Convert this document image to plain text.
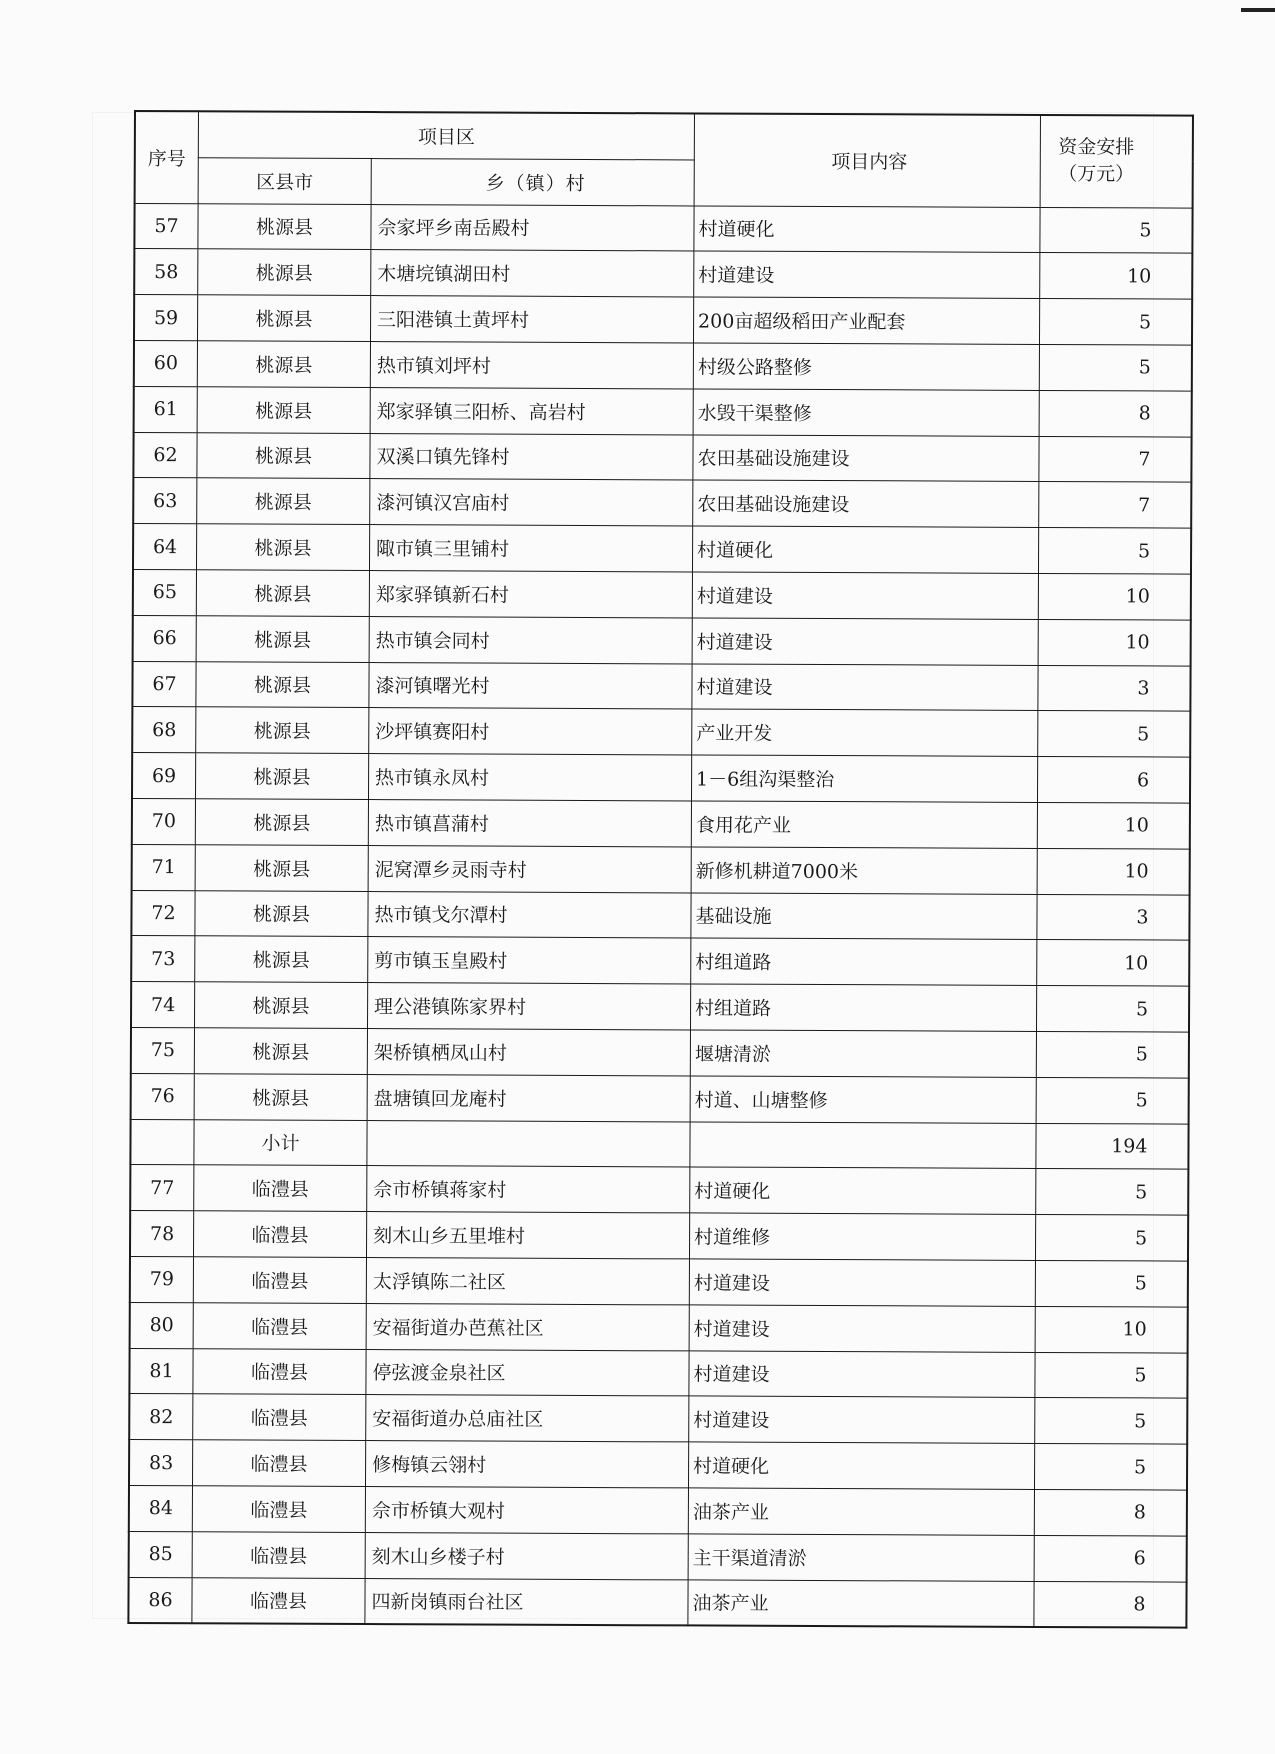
序号	项目区		项目内容	资金安排
（万元）

	区县市	乡（镇）村		
57	桃源县	佘家坪乡南岳殿村	村道硬化	5
58	桃源县	木塘垸镇湖田村	村道建设	10
59	桃源县	三阳港镇土黄坪村	200亩超级稻田产业配套	5
60	桃源县	热市镇刘坪村	村级公路整修	5
61	桃源县	郑家驿镇三阳桥、高岩村	水毁干渠整修	8
62	桃源县	双溪口镇先锋村	农田基础设施建设	7
63	桃源县	漆河镇汉宫庙村	农田基础设施建设	7
64	桃源县	陬市镇三里铺村	村道硬化	5
65	桃源县	郑家驿镇新石村	村道建设	10
66	桃源县	热市镇会同村	村道建设	10
67	桃源县	漆河镇曙光村	村道建设	3
68	桃源县	沙坪镇赛阳村	产业开发	5
69	桃源县	热市镇永凤村	1－6组沟渠整治	6
70	桃源县	热市镇菖蒲村	食用花产业	10
71	桃源县	泥窝潭乡灵雨寺村	新修机耕道7000米	10
72	桃源县	热市镇戈尔潭村	基础设施	3
73	桃源县	剪市镇玉皇殿村	村组道路	10
74	桃源县	理公港镇陈家界村	村组道路	5
75	桃源县	架桥镇栖凤山村	堰塘清淤	5
76	桃源县	盘塘镇回龙庵村	村道、山塘整修	5
	小计			194
77	临澧县	佘市桥镇蒋家村	村道硬化	5
78	临澧县	刻木山乡五里堆村	村道维修	5
79	临澧县	太浮镇陈二社区	村道建设	5
80	临澧县	安福街道办芭蕉社区	村道建设	10
81	临澧县	停弦渡金泉社区	村道建设	5
82	临澧县	安福街道办总庙社区	村道建设	5
83	临澧县	修梅镇云翎村	村道硬化	5
84	临澧县	佘市桥镇大观村	油茶产业	8
85	临澧县	刻木山乡楼子村	主干渠道清淤	6
86	临澧县	四新岗镇雨台社区	油茶产业	8
